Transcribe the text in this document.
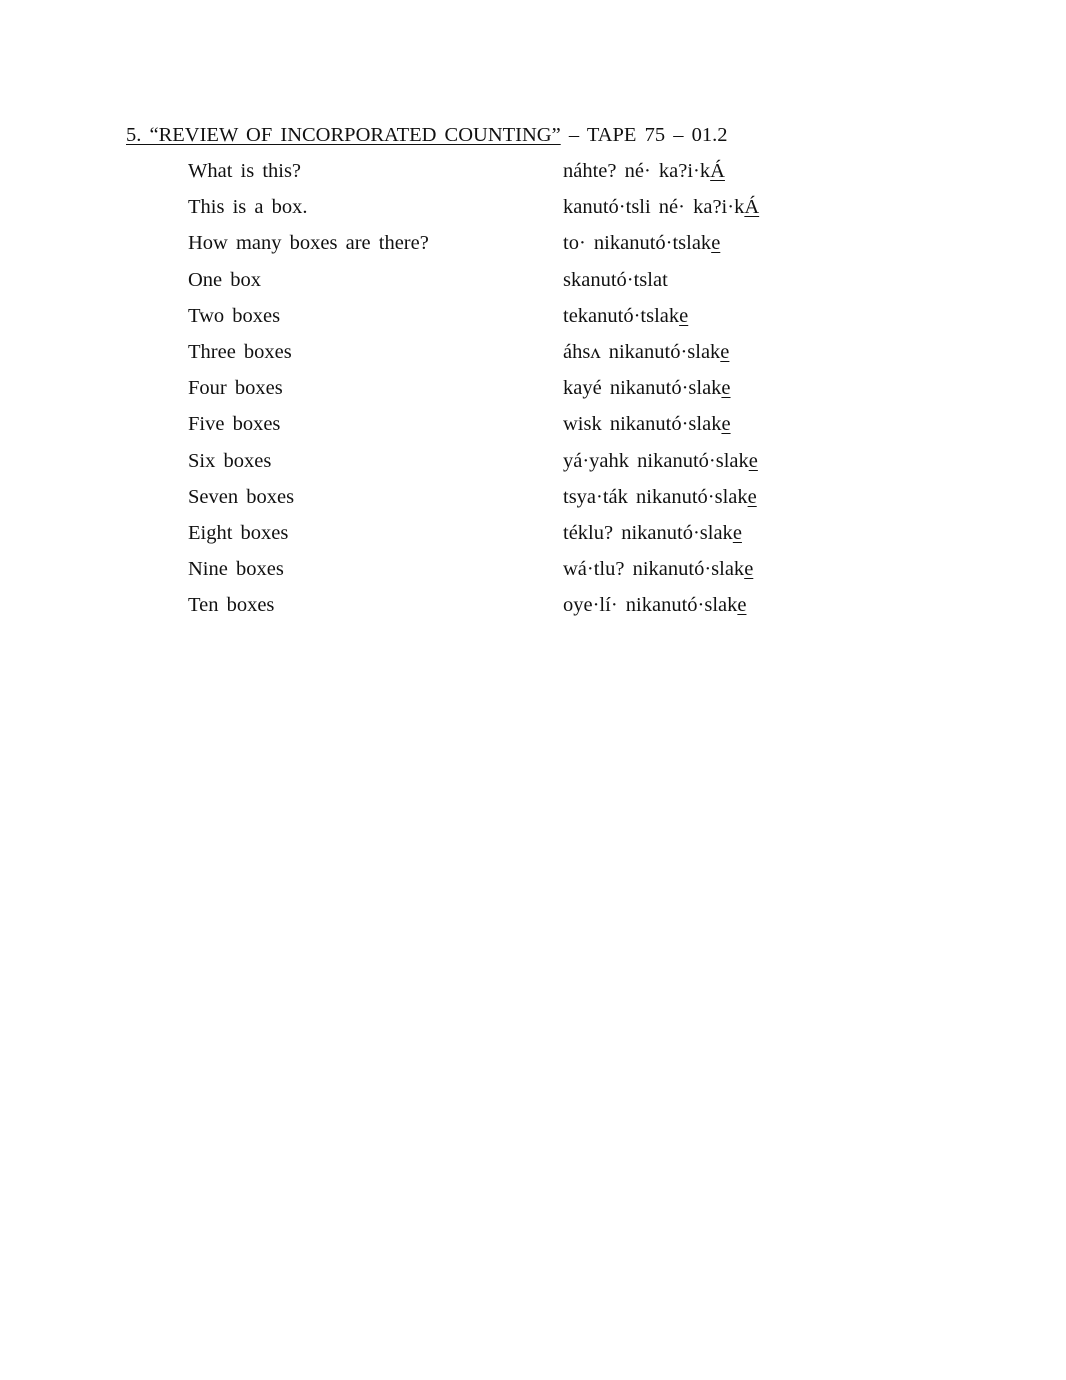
5. “REVIEW OF INCORPORATED COUNTING” – TAPE 75 – 01.2
What is this?	náhte? né· ka?i·kÁ
This is a box.	kanutó·tsli né· ka?i·kÁ
How many boxes are there?	to· nikanutó·tslake
One box	skanutó·tslat
Two boxes	tekanutó·tslake
Three boxes	áhsʌ nikanutó·slake
Four boxes	kayé nikanutó·slake
Five boxes	wisk nikanutó·slake
Six boxes	yá·yahk nikanutó·slake
Seven boxes	tsya·ták nikanutó·slake
Eight boxes	téklu? nikanutó·slake
Nine boxes	wá·tlu? nikanutó·slake
Ten boxes	oye·lí· nikanutó·slake
